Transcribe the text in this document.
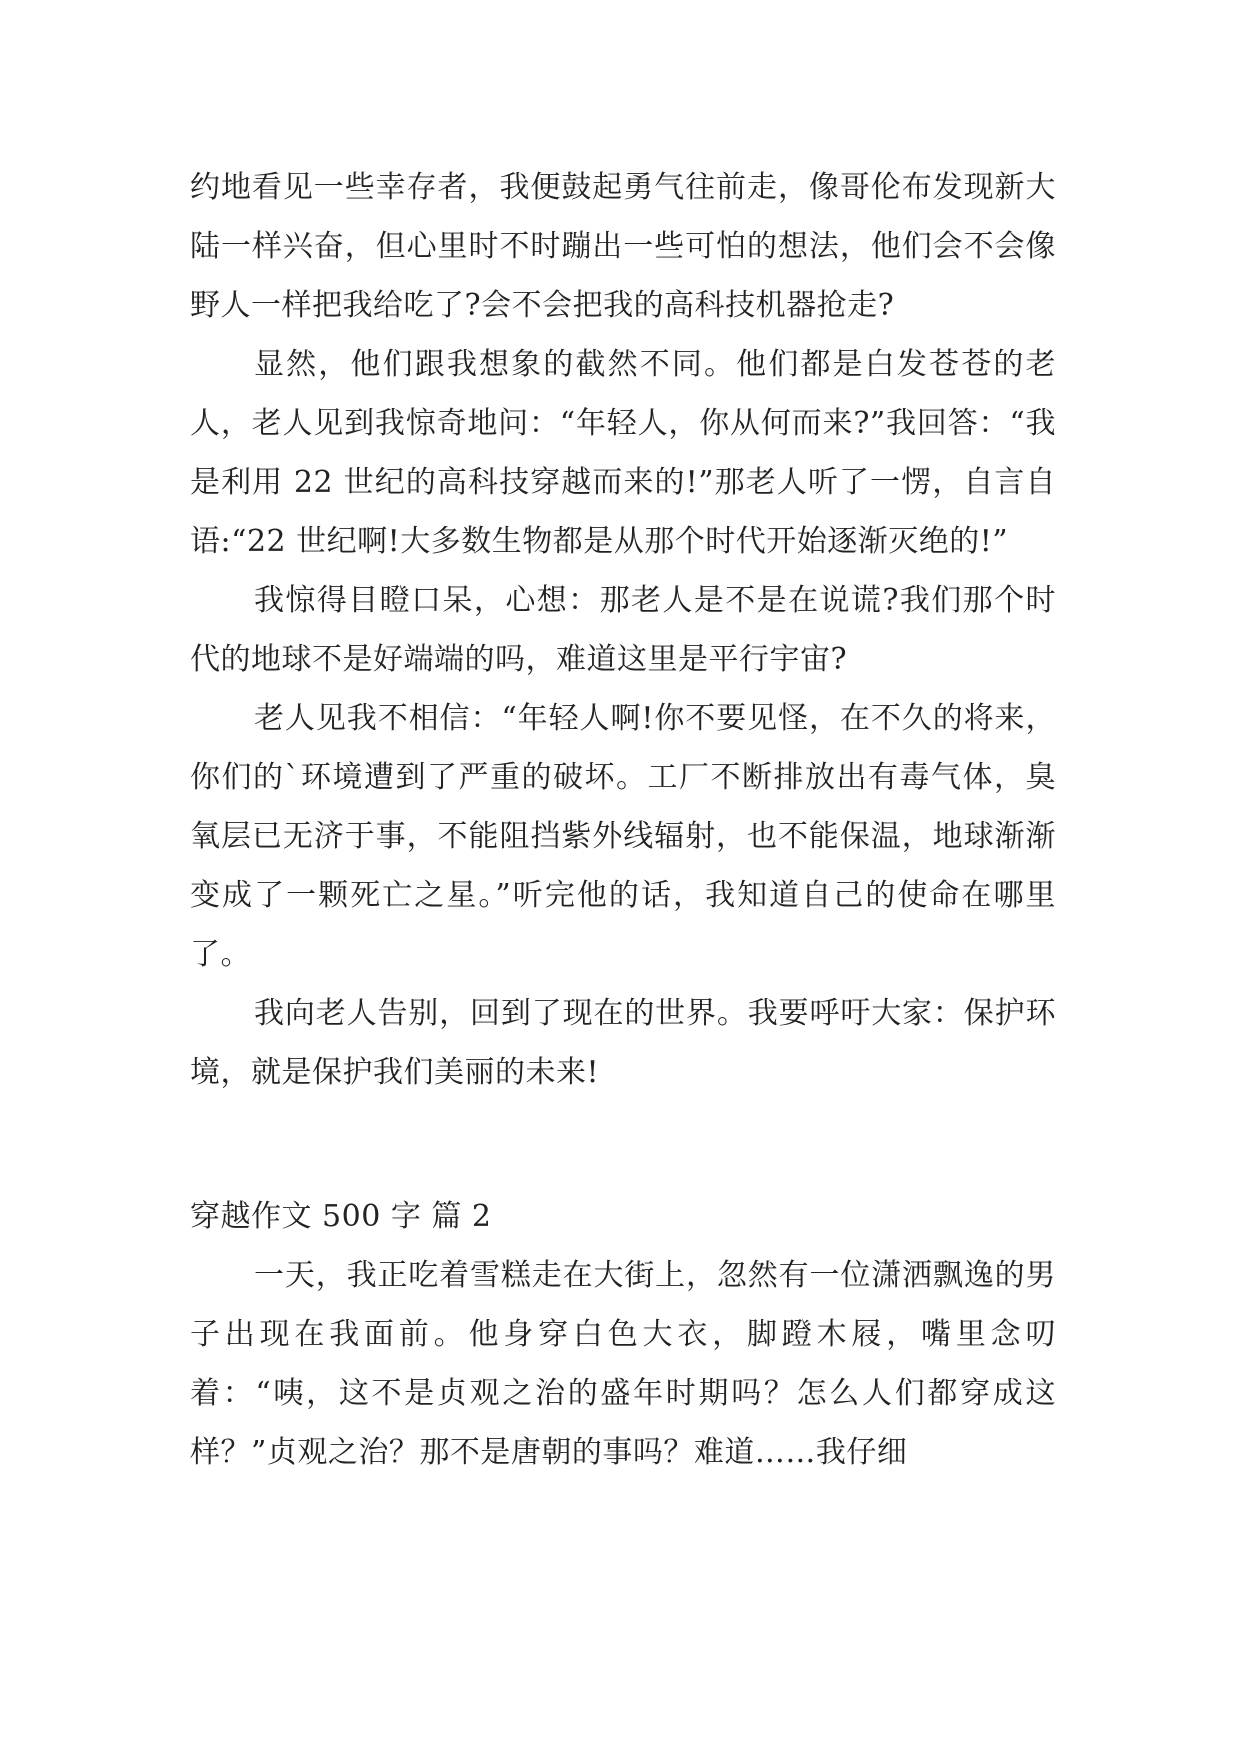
约地看见一些幸存者，我便鼓起勇气往前走，像哥伦布发现新大陆一样兴奋，但心里时不时蹦出一些可怕的想法，他们会不会像野人一样把我给吃了?会不会把我的高科技机器抢走?

显然，他们跟我想象的截然不同。他们都是白发苍苍的老人，老人见到我惊奇地问：“年轻人，你从何而来?”我回答：“我是利用 22 世纪的高科技穿越而来的!”那老人听了一愣，自言自语:“22 世纪啊!大多数生物都是从那个时代开始逐渐灭绝的!”

我惊得目瞪口呆，心想：那老人是不是在说谎?我们那个时代的地球不是好端端的吗，难道这里是平行宇宙?

老人见我不相信：“年轻人啊!你不要见怪，在不久的将来，你们的`环境遭到了严重的破坏。工厂不断排放出有毒气体，臭氧层已无济于事，不能阻挡紫外线辐射，也不能保温，地球渐渐变成了一颗死亡之星。”听完他的话，我知道自己的使命在哪里了。

我向老人告别，回到了现在的世界。我要呼吁大家：保护环境，就是保护我们美丽的未来!

穿越作文 500 字 篇 2

一天，我正吃着雪糕走在大街上，忽然有一位潇洒飘逸的男子出现在我面前。他身穿白色大衣，脚蹬木屐，嘴里念叨着：“咦，这不是贞观之治的盛年时期吗？怎么人们都穿成这样？”贞观之治？那不是唐朝的事吗？难道……我仔细
